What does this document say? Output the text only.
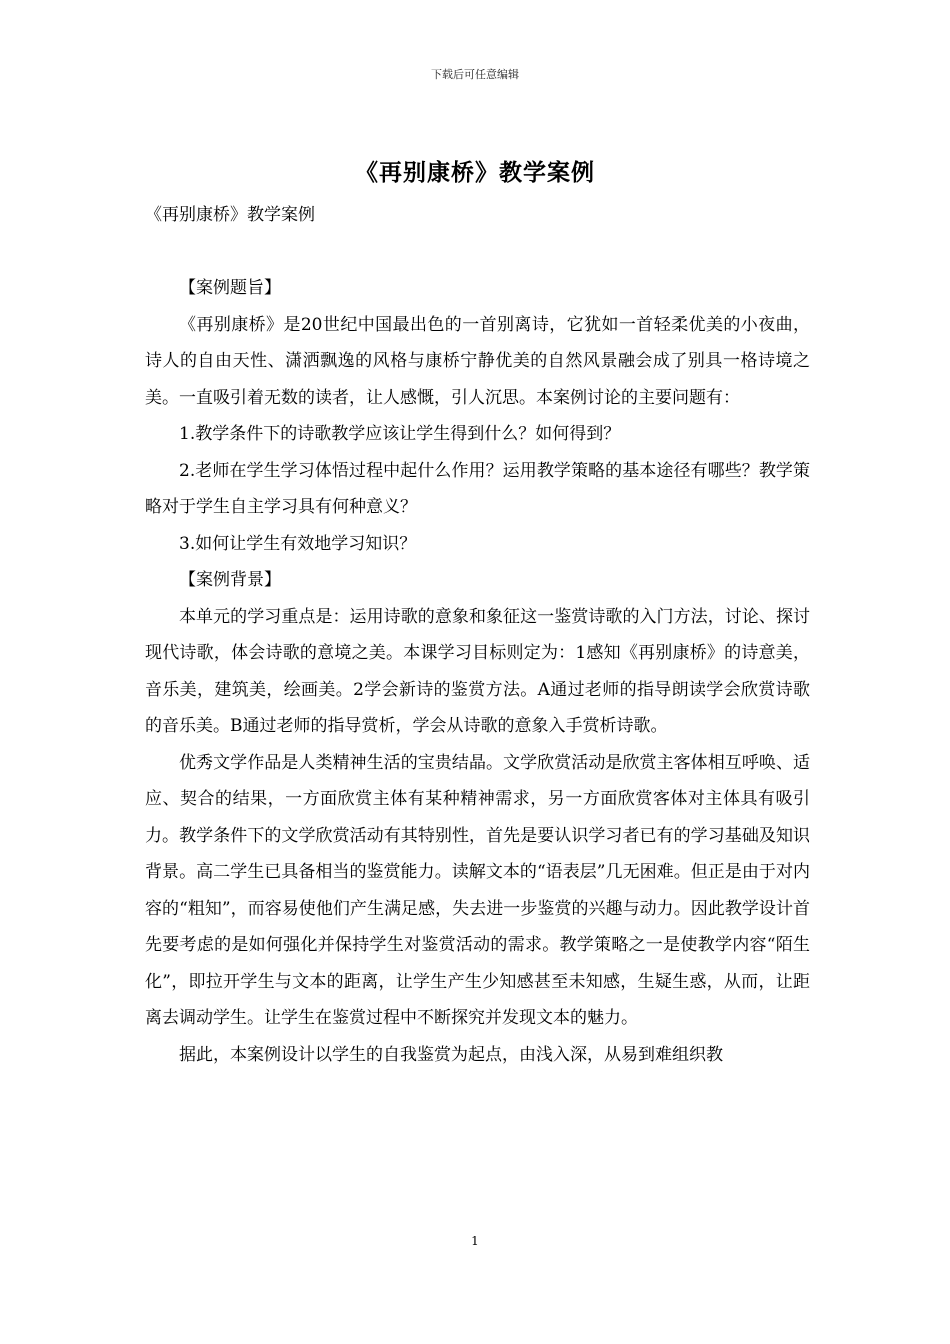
下载后可任意编辑
《再别康桥》教学案例
《再别康桥》教学案例

【案例题旨】

《再别康桥》是20世纪中国最出色的一首别离诗，它犹如一首轻柔优美的小夜曲，诗人的自由天性、潇洒飘逸的风格与康桥宁静优美的自然风景融会成了别具一格诗境之美。一直吸引着无数的读者，让人感慨，引人沉思。本案例讨论的主要问题有：

1.教学条件下的诗歌教学应该让学生得到什么？如何得到？

2.老师在学生学习体悟过程中起什么作用？运用教学策略的基本途径有哪些？教学策略对于学生自主学习具有何种意义？

3.如何让学生有效地学习知识？

【案例背景】

本单元的学习重点是：运用诗歌的意象和象征这一鉴赏诗歌的入门方法，讨论、探讨现代诗歌，体会诗歌的意境之美。本课学习目标则定为：1感知《再别康桥》的诗意美，音乐美，建筑美，绘画美。2学会新诗的鉴赏方法。A通过老师的指导朗读学会欣赏诗歌的音乐美。B通过老师的指导赏析，学会从诗歌的意象入手赏析诗歌。

优秀文学作品是人类精神生活的宝贵结晶。文学欣赏活动是欣赏主客体相互呼唤、适应、契合的结果，一方面欣赏主体有某种精神需求，另一方面欣赏客体对主体具有吸引力。教学条件下的文学欣赏活动有其特别性，首先是要认识学习者已有的学习基础及知识背景。高二学生已具备相当的鉴赏能力。读解文本的“语表层”几无困难。但正是由于对内容的“粗知”，而容易使他们产生满足感，失去进一步鉴赏的兴趣与动力。因此教学设计首先要考虑的是如何强化并保持学生对鉴赏活动的需求。教学策略之一是使教学内容“陌生化”，即拉开学生与文本的距离，让学生产生少知感甚至未知感，生疑生惑，从而，让距离去调动学生。让学生在鉴赏过程中不断探究并发现文本的魅力。

据此，本案例设计以学生的自我鉴赏为起点，由浅入深，从易到难组织教

1
